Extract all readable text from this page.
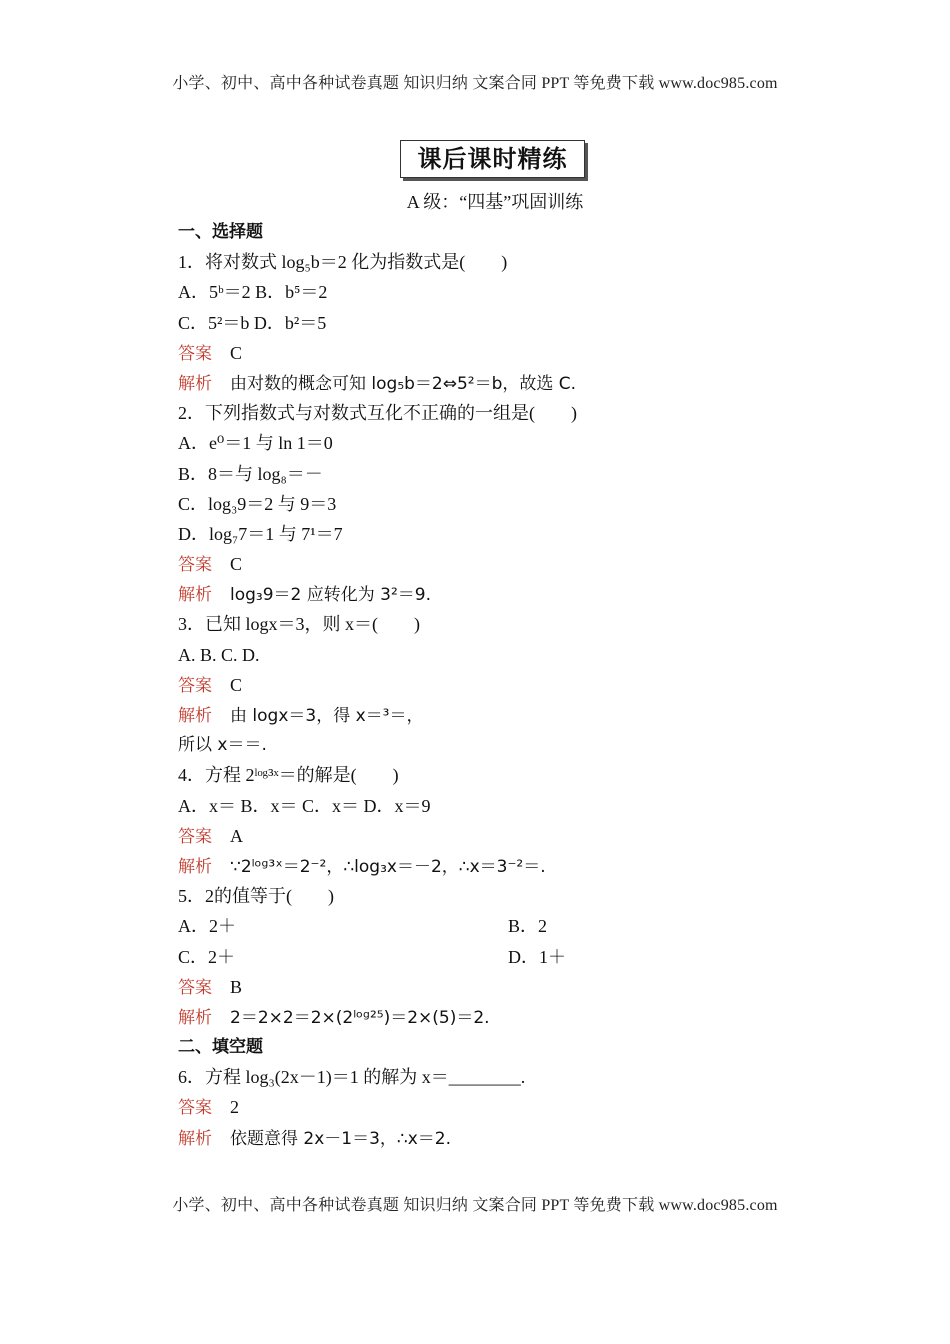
小学、初中、高中各种试卷真题 知识归纳 文案合同 PPT 等免费下载 www.doc985.com
课后课时精练
A 级：“四基”巩固训练
一、选择题
1．将对数式 log₅b＝2 化为指数式是(　　)
A．5ᵇ＝2 B．b⁵＝2
C．5²＝b D．b²＝5
答案 C
解析 由对数的概念可知 log₅b＝2⇔5²＝b，故选 C.
2．下列指数式与对数式互化不正确的一组是(　　)
A．e⁰＝1 与 ln 1＝0
B．8＝与 log₈＝－
C．log₃9＝2 与 9＝3
D．log₇7＝1 与 7¹＝7
答案 C
解析 log₃9＝2 应转化为 3²＝9.
3．已知 logx＝3，则 x＝(　　)
A. B. C. D.
答案 C
解析 由 logx＝3，得 x＝³＝，
所以 x＝＝.
4．方程 2ˡᵒᵍ³ˣ＝的解是(　　)
A．x＝ B．x＝ C．x＝ D．x＝9
答案 A
解析 ∵2ˡᵒᵍ³ˣ＝2⁻²，∴log₃x＝－2，∴x＝3⁻²＝.
5．2的值等于(　　)
A．2＋	B．2
C．2＋	D．1＋
答案 B
解析 2＝2×2＝2×(2ˡᵒᵍ²⁵)＝2×(5)＝2.
二、填空题
6．方程 log₃(2x－1)＝1 的解为 x＝________.
答案 2
解析 依题意得 2x－1＝3，∴x＝2.
小学、初中、高中各种试卷真题 知识归纳 文案合同 PPT 等免费下载 www.doc985.com
